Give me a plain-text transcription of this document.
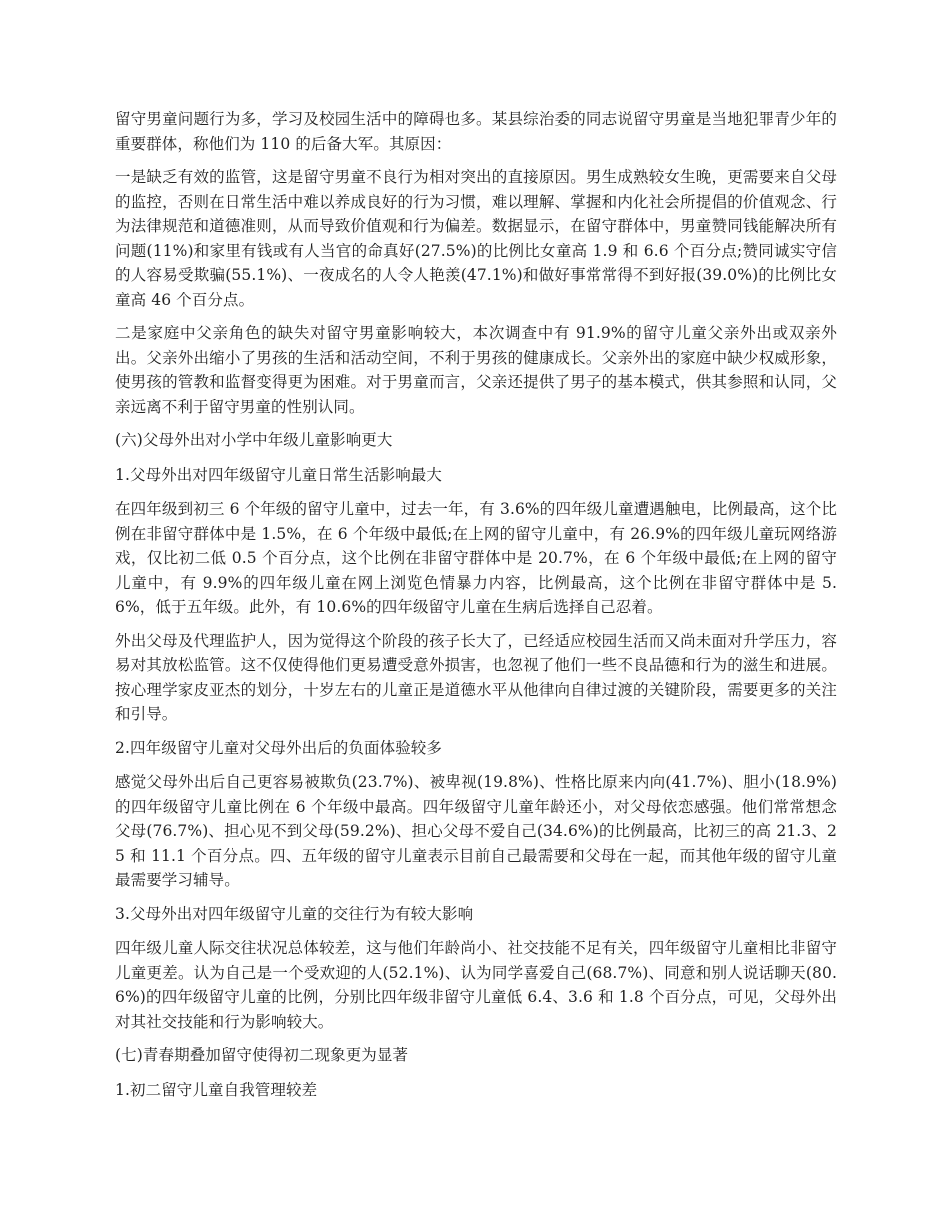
留守男童问题行为多，学习及校园生活中的障碍也多。某县综治委的同志说留守男童是当地犯罪青少年的重要群体，称他们为 110 的后备大军。其原因：

一是缺乏有效的监管，这是留守男童不良行为相对突出的直接原因。男生成熟较女生晚，更需要来自父母的监控，否则在日常生活中难以养成良好的行为习惯，难以理解、掌握和内化社会所提倡的价值观念、行为法律规范和道德准则，从而导致价值观和行为偏差。数据显示，在留守群体中，男童赞同钱能解决所有问题(11%)和家里有钱或有人当官的命真好(27.5%)的比例比女童高 1.9 和 6.6 个百分点;赞同诚实守信的人容易受欺骗(55.1%)、一夜成名的人令人艳羡(47.1%)和做好事常常得不到好报(39.0%)的比例比女童高 46 个百分点。

二是家庭中父亲角色的缺失对留守男童影响较大，本次调查中有 91.9%的留守儿童父亲外出或双亲外出。父亲外出缩小了男孩的生活和活动空间，不利于男孩的健康成长。父亲外出的家庭中缺少权威形象，使男孩的管教和监督变得更为困难。对于男童而言，父亲还提供了男子的基本模式，供其参照和认同，父亲远离不利于留守男童的性别认同。

(六)父母外出对小学中年级儿童影响更大

1.父母外出对四年级留守儿童日常生活影响最大

在四年级到初三 6 个年级的留守儿童中，过去一年，有 3.6%的四年级儿童遭遇触电，比例最高，这个比例在非留守群体中是 1.5%，在 6 个年级中最低;在上网的留守儿童中，有 26.9%的四年级儿童玩网络游戏，仅比初二低 0.5 个百分点，这个比例在非留守群体中是 20.7%，在 6 个年级中最低;在上网的留守儿童中，有 9.9%的四年级儿童在网上浏览色情暴力内容，比例最高，这个比例在非留守群体中是 5.6%，低于五年级。此外，有 10.6%的四年级留守儿童在生病后选择自己忍着。

外出父母及代理监护人，因为觉得这个阶段的孩子长大了，已经适应校园生活而又尚未面对升学压力，容易对其放松监管。这不仅使得他们更易遭受意外损害，也忽视了他们一些不良品德和行为的滋生和进展。按心理学家皮亚杰的划分，十岁左右的儿童正是道德水平从他律向自律过渡的关键阶段，需要更多的关注和引导。

2.四年级留守儿童对父母外出后的负面体验较多

感觉父母外出后自己更容易被欺负(23.7%)、被卑视(19.8%)、性格比原来内向(41.7%)、胆小(18.9%)的四年级留守儿童比例在 6 个年级中最高。四年级留守儿童年龄还小，对父母依恋感强。他们常常想念父母(76.7%)、担心见不到父母(59.2%)、担心父母不爱自己(34.6%)的比例最高，比初三的高 21.3、25 和 11.1 个百分点。四、五年级的留守儿童表示目前自己最需要和父母在一起，而其他年级的留守儿童最需要学习辅导。

3.父母外出对四年级留守儿童的交往行为有较大影响

四年级儿童人际交往状况总体较差，这与他们年龄尚小、社交技能不足有关，四年级留守儿童相比非留守儿童更差。认为自己是一个受欢迎的人(52.1%)、认为同学喜爱自己(68.7%)、同意和别人说话聊天(80.6%)的四年级留守儿童的比例，分别比四年级非留守儿童低 6.4、3.6 和 1.8 个百分点，可见，父母外出对其社交技能和行为影响较大。

(七)青春期叠加留守使得初二现象更为显著

1.初二留守儿童自我管理较差
